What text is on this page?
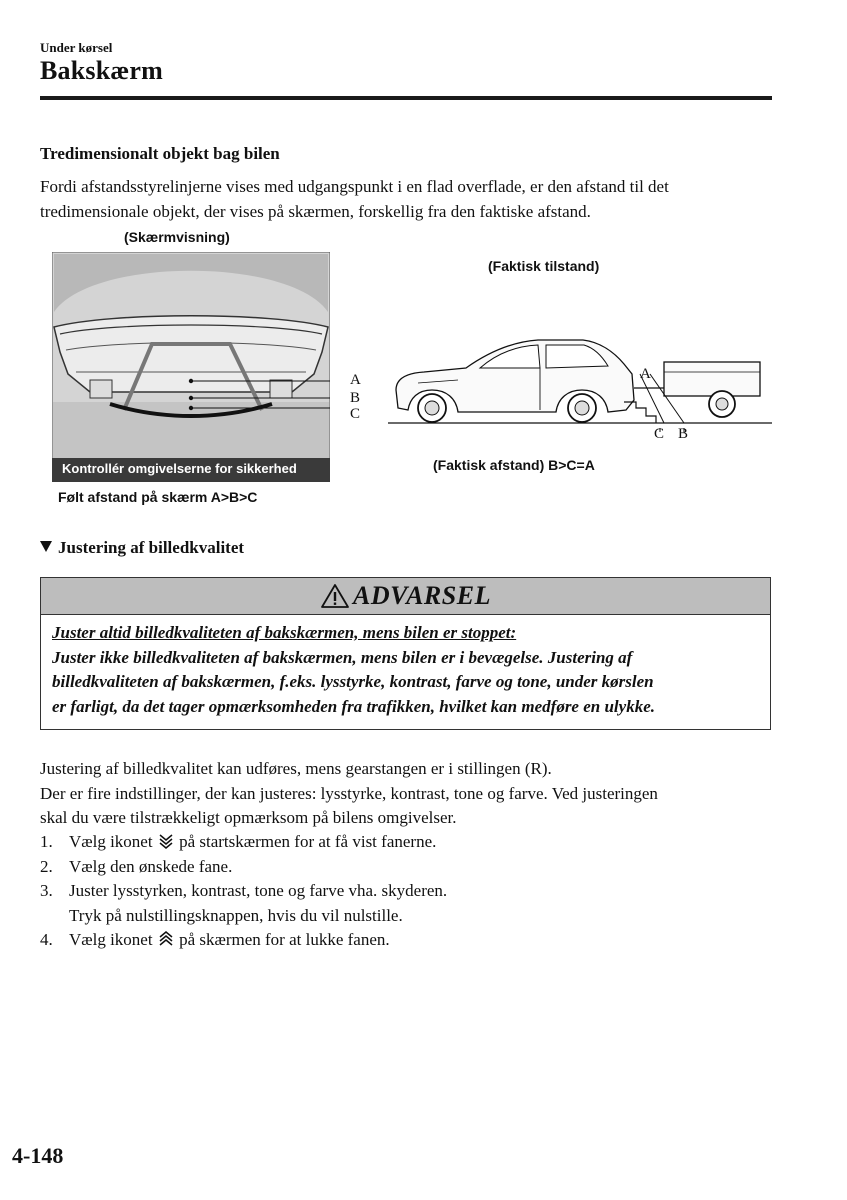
Under kørsel
Bakskærm
Tredimensionalt objekt bag bilen
Fordi afstandsstyrelinjerne vises med udgangspunkt i en flad overflade, er den afstand til det
tredimensionale objekt, der vises på skærmen, forskellig fra den faktiske afstand.
(Skærmvisning)
(Faktisk tilstand)
Kontrollér omgivelserne for sikkerhed
A
B
C
Følt afstand på skærm A>B>C
A
C B
(Faktisk afstand) B>C=A
Justering af billedkvalitet
ADVARSEL
Juster altid billedkvaliteten af bakskærmen, mens bilen er stoppet:
Juster ikke billedkvaliteten af bakskærmen, mens bilen er i bevægelse. Justering af
billedkvaliteten af bakskærmen, f.eks. lysstyrke, kontrast, farve og tone, under kørslen
er farligt, da det tager opmærksomheden fra trafikken, hvilket kan medføre en ulykke.
Justering af billedkvalitet kan udføres, mens gearstangen er i stillingen (R).
Der er fire indstillinger, der kan justeres: lysstyrke, kontrast, tone og farve. Ved justeringen
skal du være tilstrækkeligt opmærksom på bilens omgivelser.
1. Vælg ikonet på startskærmen for at få vist fanerne.
2. Vælg den ønskede fane.
3. Juster lysstyrken, kontrast, tone og farve vha. skyderen.
Tryk på nulstillingsknappen, hvis du vil nulstille.
4. Vælg ikonet på skærmen for at lukke fanen.
4-148
